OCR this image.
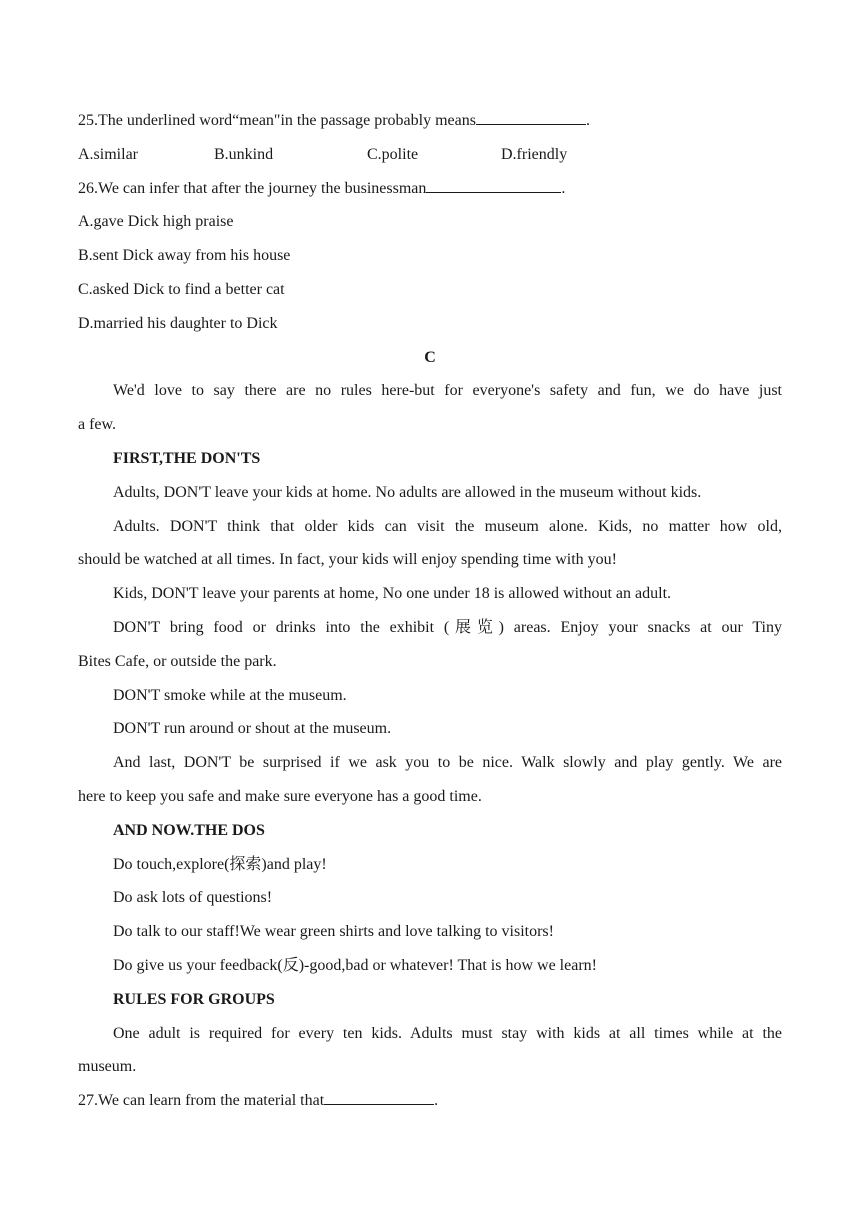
25.The underlined word“mean"in the passage probably means	.
A.similar	B.unkind	C.polite	D.friendly
26.We can infer that after the journey the businessman	.
A.gave Dick high praise
B.sent Dick away from his house
C.asked Dick to find a better cat
D.married his daughter to Dick
C
We'd love to say there are no rules here-but for everyone's safety and fun, we do have just
a few.
FIRST,THE DON'TS
Adults, DON'T leave your kids at home. No adults are allowed in the museum without kids.
Adults. DON'T think that older kids can visit the museum alone. Kids, no matter how old,
should be watched at all times. In fact, your kids will enjoy spending time with you!
Kids, DON'T leave your parents at home, No one under 18 is allowed without an adult.
DON'T bring food or drinks into the exhibit (展览) areas. Enjoy your snacks at our Tiny
Bites Cafe, or outside the park.
DON'T smoke while at the museum.
DON'T run around or shout at the museum.
And last, DON'T be surprised if we ask you to be nice. Walk slowly and play gently. We are
here to keep you safe and make sure everyone has a good time.
AND NOW.THE DOS
Do touch,explore(探索)and play!
Do ask lots of questions!
Do talk to our staff!We wear green shirts and love talking to visitors!
Do give us your feedback(反)-good,bad or whatever! That is how we learn!
RULES FOR GROUPS
One adult is required for every ten kids. Adults must stay with kids at all times while at the
museum.
27.We can learn from the material that	.
